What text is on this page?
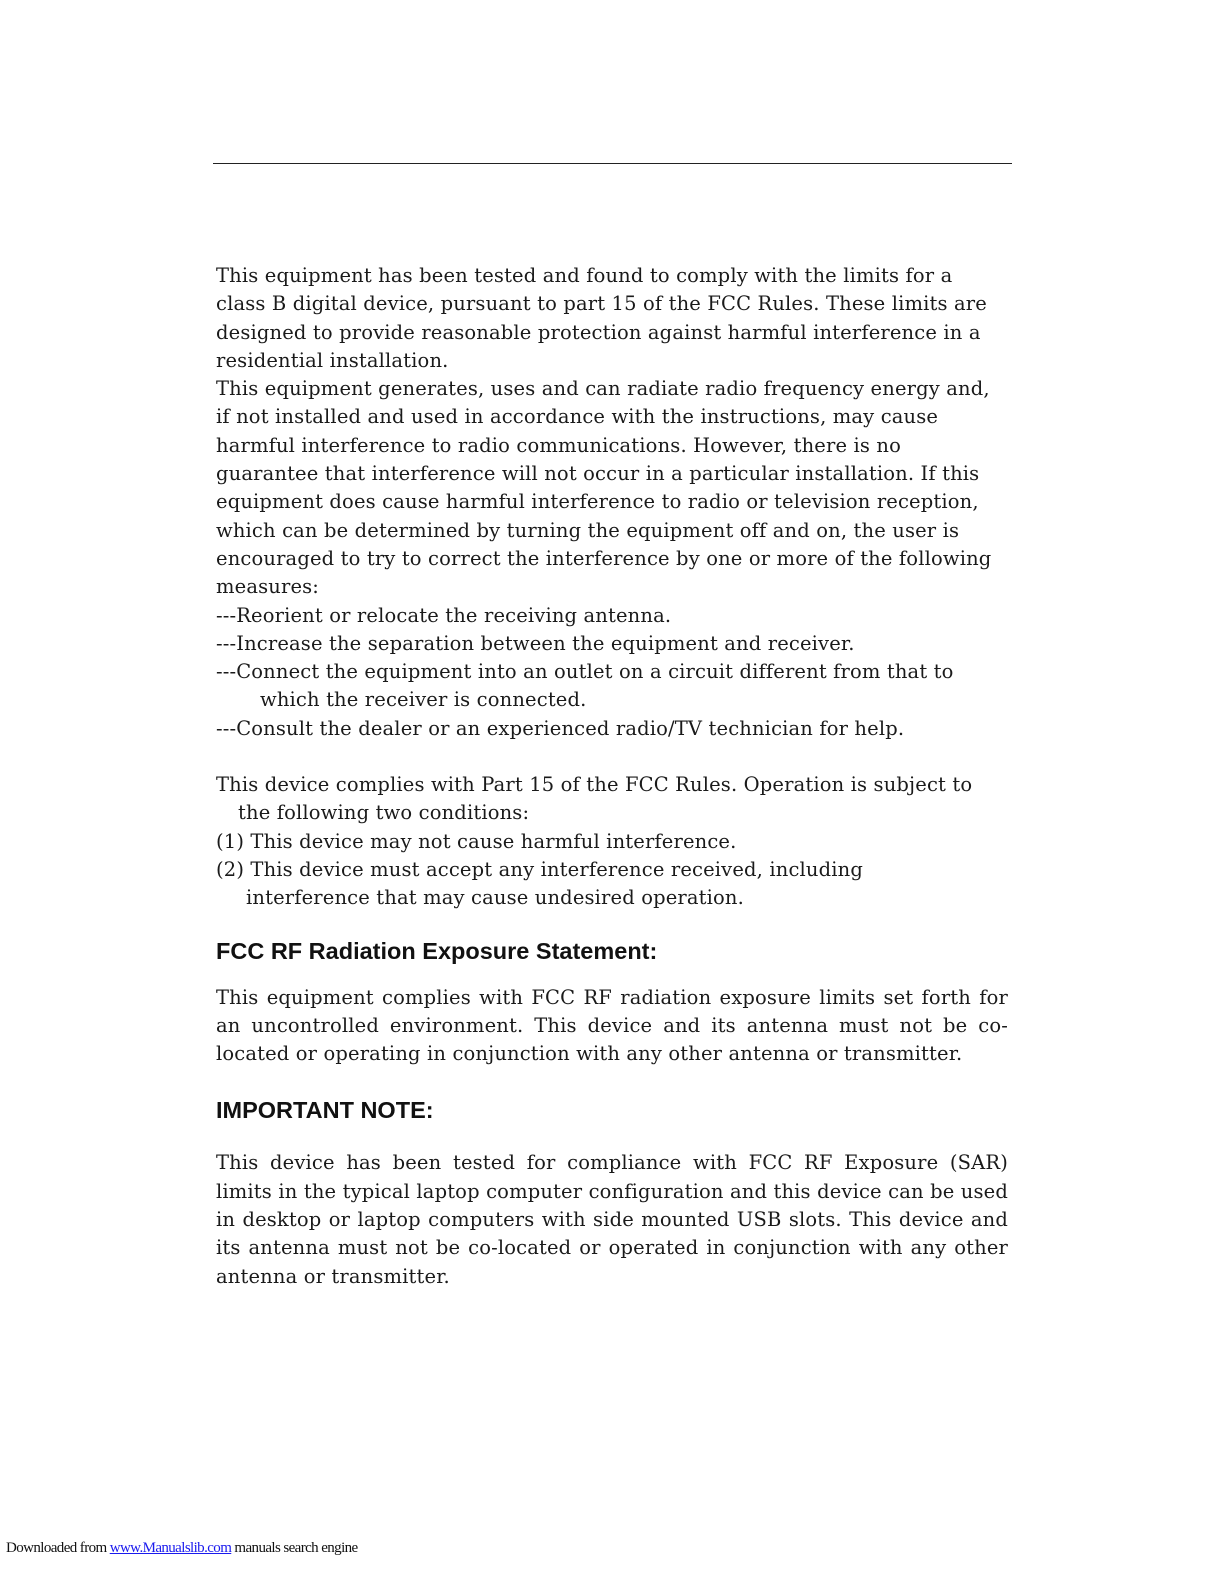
This equipment has been tested and found to comply with the limits for a class B digital device, pursuant to part 15 of the FCC Rules. These limits are designed to provide reasonable protection against harmful interference in a residential installation.

This equipment generates, uses and can radiate radio frequency energy and, if not installed and used in accordance with the instructions, may cause harmful interference to radio communications. However, there is no guarantee that interference will not occur in a particular installation. If this equipment does cause harmful interference to radio or television reception, which can be determined by turning the equipment off and on, the user is encouraged to try to correct the interference by one or more of the following measures:

---Reorient or relocate the receiving antenna.
---Increase the separation between the equipment and receiver.
---Connect the equipment into an outlet on a circuit different from that to
which the receiver is connected.
---Consult the dealer or an experienced radio/TV technician for help.
This device complies with Part 15 of the FCC Rules. Operation is subject to
the following two conditions:
(1) This device may not cause harmful interference.
(2) This device must accept any interference received, including
interference that may cause undesired operation.
FCC RF Radiation Exposure Statement:

This equipment complies with FCC RF radiation exposure limits set forth for an uncontrolled environment. This device and its antenna must not be co-located or operating in conjunction with any other antenna or transmitter.

IMPORTANT NOTE:

This device has been tested for compliance with FCC RF Exposure (SAR) limits in the typical laptop computer configuration and this device can be used in desktop or laptop computers with side mounted USB slots. This device and its antenna must not be co-located or operated in conjunction with any other antenna or transmitter.

Downloaded from www.Manualslib.com manuals search engine
